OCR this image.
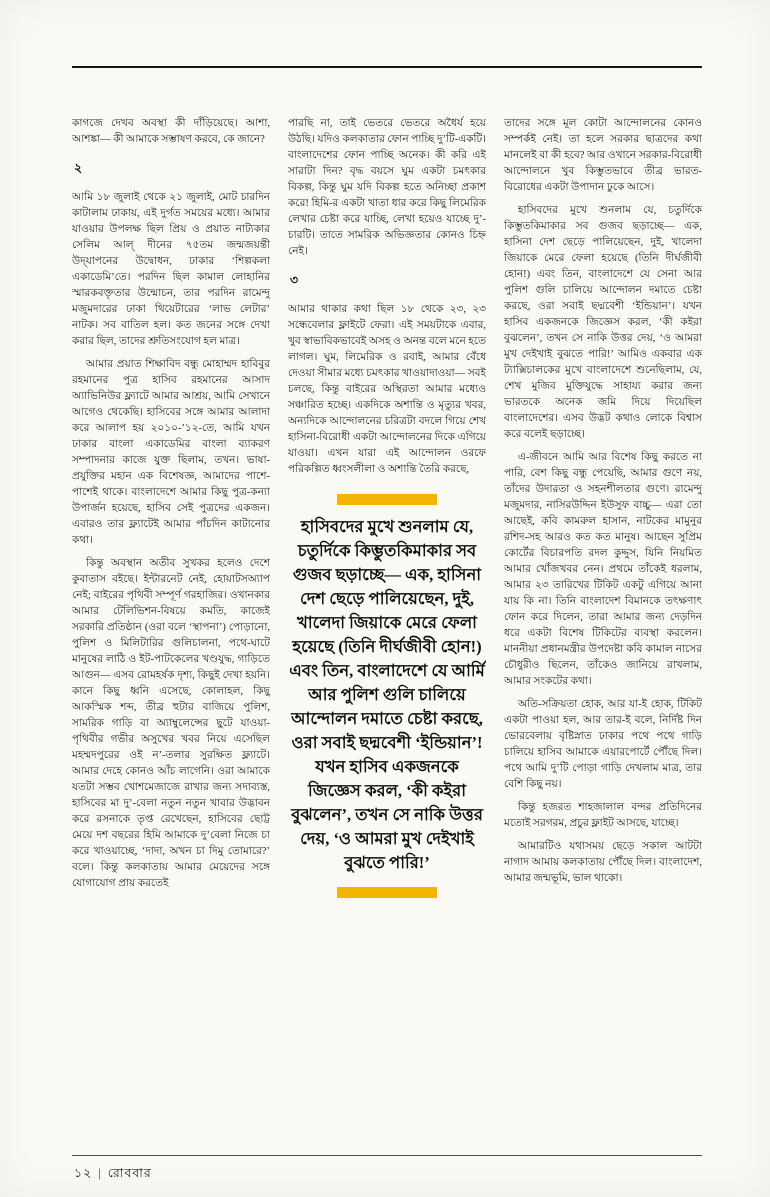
কাগজে দেখব অবস্থা কী দাঁড়িয়েছে। আশা, আশঙ্কা— কী আমাকে সম্ভাষণ করবে, কে জানে?

২

আমি ১৮ জুলাই থেকে ২১ জুলাই, মোট চারদিন কাটালাম ঢাকায়, এই দুর্গত সময়ের মধ্যে। আমার যাওয়ার উপলক্ষ ছিল প্রিয় ও প্রয়াত নাট্যকার সেলিম আল্‌ দীনের ৭৫তম জন্মজয়ন্তী উদ্‌যাপনের উদ্বোধন, ঢাকার ‘শিল্পকলা একাডেমি’তে। পরদিন ছিল কামাল লোহানির স্মারকবক্তৃতার উন্মোচন, তার পরদিন রামেন্দু মজুমদারের ঢাকা থিয়েটারের ‘লাভ লেটার’ নাটক। সব বাতিল হল। কত জনের সঙ্গে দেখা করার ছিল, তাদের শ্রুতিসংযোগ হল মাত্র।

আমার প্রয়াত শিক্ষাবিদ বন্ধু মোহাম্মদ হাবিবুর রহমানের পুত্র হাসিব রহমানের আসাদ অ্যাভিনিউর ফ্ল্যাটে আমার আশ্রয়, আমি সেখানে আগেও থেকেছি। হাসিবের সঙ্গে আমার আলাদা করে আলাপ হয় ২০১০-’১২-তে, আমি যখন ঢাকার বাংলা একাডেমির বাংলা ব্যাকরণ সম্পাদনার কাজে যুক্ত ছিলাম, তখন। ভাষা-প্রযুক্তির মহান এক বিশেষজ্ঞ, আমাদের পাশে-পাশেই থাকে। বাংলাদেশে আমার কিছু পুত্র-কন্যা উপার্জন হয়েছে, হাসিব সেই পুত্রদের একজন। এবারও তার ফ্ল্যাটেই আমার পাঁচদিন কাটানোর কথা।

কিন্তু অবস্থান অতীব সুখকর হলেও দেশে কুবাতাস বইছে। ইন্টারনেট নেই, হোয়াটসঅ্যাপ নেই; বাইরের পৃথিবী সম্পূর্ণ গরহাজির। ওখানকার আমার টেলিভিশন-বিষয়ে কমতি, কাজেই সরকারি প্রতিষ্ঠান (ওরা বলে ‘স্থাপনা’) পোড়ানো, পুলিশ ও মিলিটারির গুলিচালনা, পথে-ঘাটে মানুষের লাঠি ও ইট-পাটকেলের খণ্ডযুদ্ধ, গাড়িতে আগুন— এসব রোমহর্ষক দৃশ্য, কিছুই দেখা হয়নি। কানে কিছু ধ্বনি এসেছে, কোলাহল, কিছু আকস্মিক শব্দ, তীব্র হুটার বাজিয়ে পুলিশ, সামরিক গাড়ি বা অ্যাম্বুলেন্সের ছুটে যাওয়া-পৃথিবীর গভীর অসুখের খবর নিয়ে এসেছিল মহম্মদপুরের ওই ন’-তলার সুরক্ষিত ফ্ল্যাটে। আমার দেহে কোনও আঁচ লাগেনি। ওরা আমাকে যতটা সম্ভব খোশমেজাজে রাখার জন্য সদাব্যস্ত, হাসিবের মা দু’-বেলা নতুন নতুন খাবার উদ্ভাবন করে রসনাকে তৃপ্ত রেখেছেন, হাসিবের ছোট্ট মেয়ে দশ বছরের হিমি আমাকে দু’বেলা নিজে চা করে খাওয়াচ্ছে, ‘দাদা, অখন চা দিমু তোমারে?’ বলে। কিন্তু কলকাতায় আমার মেয়েদের সঙ্গে যোগাযোগ প্রায় করতেই

পারছি না, তাই ভেতরে ভেতরে অধৈর্য হয়ে উঠছি। যদিও কলকাতার ফোন পাচ্ছি দু’টি-একটি। বাংলাদেশের ফোন পাচ্ছি অনেক। কী করি এই সারাটা দিন? বৃদ্ধ বয়সে ঘুম একটা চমৎকার বিকল্প, কিন্তু ঘুম যদি বিকল্প হতে অনিচ্ছা প্রকাশ করে! হিমি-র একটা খাতা ধার করে কিছু লিমেরিক লেখার চেষ্টা করে যাচ্ছি, লেখা হয়েও যাচ্ছে দু’-চারটি। তাতে সামরিক অভিজ্ঞতার কোনও চিহ্ন নেই।

৩

আমার থাকার কথা ছিল ১৮ থেকে ২৩, ২৩ সন্ধেবেলার ফ্লাইটে ফেরা। এই সময়টাকে এবার, খুব স্বাভাবিকভাবেই অসহ ও অনন্ত বলে মনে হতে লাগল। ঘুম, লিমেরিক ও রবাই, আমার বেঁধে দেওয়া সীমার মধ্যে চমৎকার খাওয়াদাওয়া— সবই চলছে, কিন্তু বাইরের অস্থিরতা আমার মধ্যেও সঞ্চারিত হচ্ছে। একদিকে অশান্তি ও মৃত্যুর খবর, অন্যদিকে আন্দোলনের চরিত্রটা বদলে গিয়ে শেখ হাসিনা-বিরোধী একটা আন্দোলনের দিকে এগিয়ে যাওয়া। এখন যারা এই আন্দোলন ওরফে পরিকল্পিত ধ্বংসলীলা ও অশান্তি তৈরি করছে,

হাসিবদের মুখে শুনলাম যে, চতুর্দিকে কিম্ভুতকিমাকার সব গুজব ছড়াচ্ছে— এক, হাসিনা দেশ ছেড়ে পালিয়েছেন, দুই, খালেদা জিয়াকে মেরে ফেলা হয়েছে (তিনি দীর্ঘজীবী হোন!) এবং তিন, বাংলাদেশে যে আর্মি আর পুলিশ গুলি চালিয়ে আন্দোলন দমাতে চেষ্টা করছে, ওরা সবাই ছদ্মবেশী ‘ইন্ডিয়ান’! যখন হাসিব একজনকে জিজ্ঞেস করল, ‘কী কইরা বুঝলেন’, তখন সে নাকি উত্তর দেয়, ‘ও আমরা মুখ দেইখাই বুঝতে পারি!’

তাদের সঙ্গে মূল কোটা আন্দোলনের কোনও সম্পর্কই নেই। তা হলে সরকার ছাত্রদের কথা মানলেই বা কী হবে? আর ওখানে সরকার-বিরোধী আন্দোলনে খুব কিম্ভুতভাবে তীব্র ভারত-বিরোধের একটা উপাদান ঢুকে আসে।

হাসিবদের মুখে শুনলাম যে, চতুর্দিকে কিম্ভুতকিমাকার সব গুজব ছড়াচ্ছে— এক, হাসিনা দেশ ছেড়ে পালিয়েছেন, দুই, খালেদা জিয়াকে মেরে ফেলা হয়েছে (তিনি দীর্ঘজীবী হোন!) এবং তিন, বাংলাদেশে যে সেনা আর পুলিশ গুলি চালিয়ে আন্দোলন দমাতে চেষ্টা করছে, ওরা সবাই ছদ্মবেশী ‘ইন্ডিয়ান’। যখন হাসিব একজনকে জিজ্ঞেস করল, ‘কী কইরা বুঝলেন’, তখন সে নাকি উত্তর দেয়, ‘ও আমরা মুখ দেইখাই বুঝতে পারি!’ আমিও একবার এক ট্যাক্সিচালকের মুখে বাংলাদেশে শুনেছিলাম, যে, শেখ মুজিব মুক্তিযুদ্ধে সাহায্য করার জন্য ভারতকে অনেক জমি দিয়ে দিয়েছিল বাংলাদেশের। এসব উদ্ভট কথাও লোকে বিশ্বাস করে বলেই ছড়াচ্ছে।

এ-জীবনে আমি আর বিশেষ কিছু করতে না পারি, বেশ কিছু বন্ধু পেয়েছি, আমার গুণে নয়, তাঁদের উদারতা ও সহনশীলতার গুণে। রামেন্দু মজুমদার, নাসিরউদ্দিন ইউসুফ বাচ্চু— এরা তো আছেই, কবি কামরুল হাসান, নাটকের মামুনুর রশিদ-সহ আরও কত কত মানুষ। আছেন সুপ্রিম কোর্টের বিচারপতি রদল কুদ্দুস, যিনি নিয়মিত আমার খোঁজখবর নেন। প্রথমে তাঁকেই ধরলাম, আমার ২৩ তারিখের টিকিট একটু এগিয়ে আনা যায় কি না। তিনি বাংলাদেশ বিমানকে তৎক্ষণাৎ ফোন করে দিলেন, তারা আমার জন্য দেড়দিন ধরে একটা বিশেষ টিকিটের ব্যবস্থা করলেন। মাননীয়া প্রধানমন্ত্রীর উপদেষ্টা কবি কামাল নাসের চৌধুরীও ছিলেন, তাঁকেও জানিয়ে রাখলাম, আমার সংকটের কথা।

অতি-সক্রিয়তা হোক, আর যা-ই হোক, টিকিট একটা পাওয়া হল, আর তার-ই বলে, নির্দিষ্ট দিন ভোরবেলায় বৃষ্টিস্নাত ঢাকার পথে পথে গাড়ি চালিয়ে হাসিব আমাকে এয়ারপোর্টে পৌঁছে দিল। পথে আমি দু’টি পোড়া গাড়ি দেখলাম মাত্র, তার বেশি কিছু নয়।

কিন্তু হজরত শাহজালাল বন্দর প্রতিদিনের মতোই সরগরম, প্রচুর ফ্লাইট আসছে, যাচ্ছে।

আমারটিও যথাসময় ছেড়ে সকাল আটটা নাগাদ আমায় কলকাতায় পৌঁছে দিল। বাংলাদেশ, আমার জন্মভূমি, ভাল থাকো।

১২ | রোববার
